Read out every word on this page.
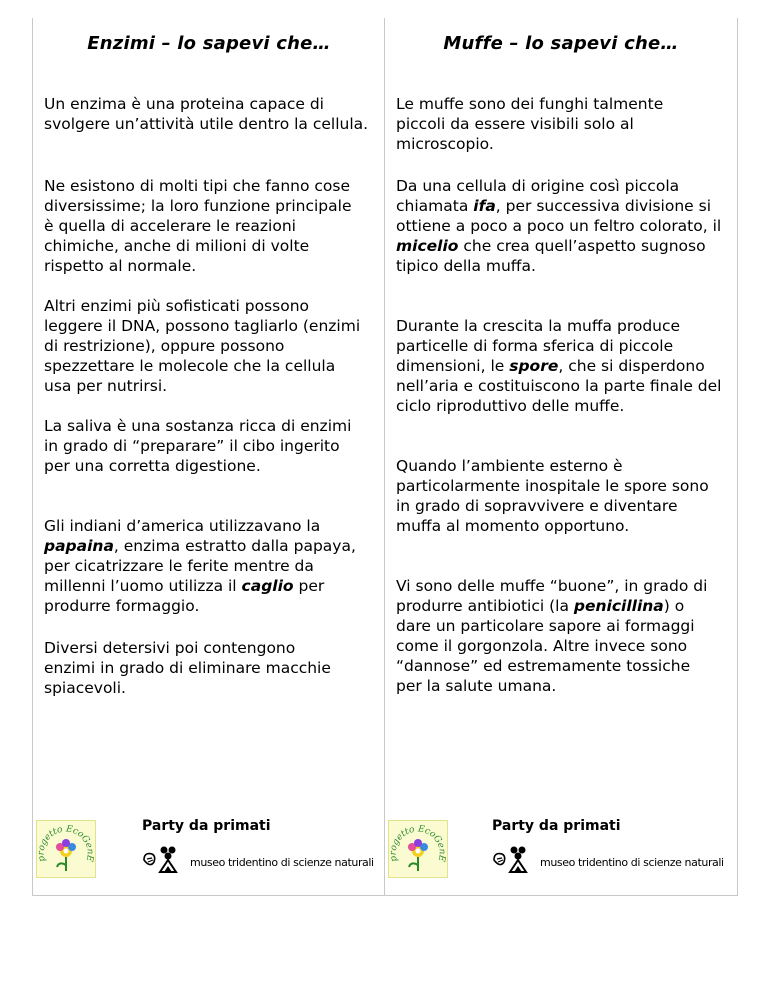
Enzimi – lo sapevi che…

Un enzima è una proteina capace di svolgere un’attività utile dentro la cellula.

Ne esistono di molti tipi che fanno cose diversissime; la loro funzione principale è quella di accelerare le reazioni chimiche, anche di milioni di volte rispetto al normale.

Altri enzimi più sofisticati possono leggere il DNA, possono tagliarlo (enzimi di restrizione), oppure possono spezzettare le molecole che la cellula usa per nutrirsi.

La saliva è una sostanza ricca di enzimi in grado di “preparare” il cibo ingerito per una corretta digestione.

Gli indiani d’america utilizzavano la papaina, enzima estratto dalla papaya, per cicatrizzare le ferite mentre da millenni l’uomo utilizza il caglio per produrre formaggio.

Diversi detersivi poi contengono enzimi in grado di eliminare macchie spiacevoli.

Muffe – lo sapevi che…

Le muffe sono dei funghi talmente piccoli da essere visibili solo al microscopio.

Da una cellula di origine così piccola chiamata ifa, per successiva divisione si ottiene a poco a poco un feltro colorato, il micelio che crea quell’aspetto sugnoso tipico della muffa.

Durante la crescita la muffa produce particelle di forma sferica di piccole dimensioni, le spore, che si disperdono nell’aria e costituiscono la parte finale del ciclo riproduttivo delle muffe.

Quando l’ambiente esterno è particolarmente inospitale le spore sono in grado di sopravvivere e diventare muffa al momento opportuno.

Vi sono delle muffe “buone”, in grado di produrre antibiotici (la penicillina) o dare un particolare sapore ai formaggi come il gorgonzola. Altre invece sono “dannose” ed estremamente tossiche per la salute umana.

progetto EcoGenE
Party da primati
museo tridentino di scienze naturali	progetto EcoGenE
Party da primati
museo tridentino di scienze naturali
